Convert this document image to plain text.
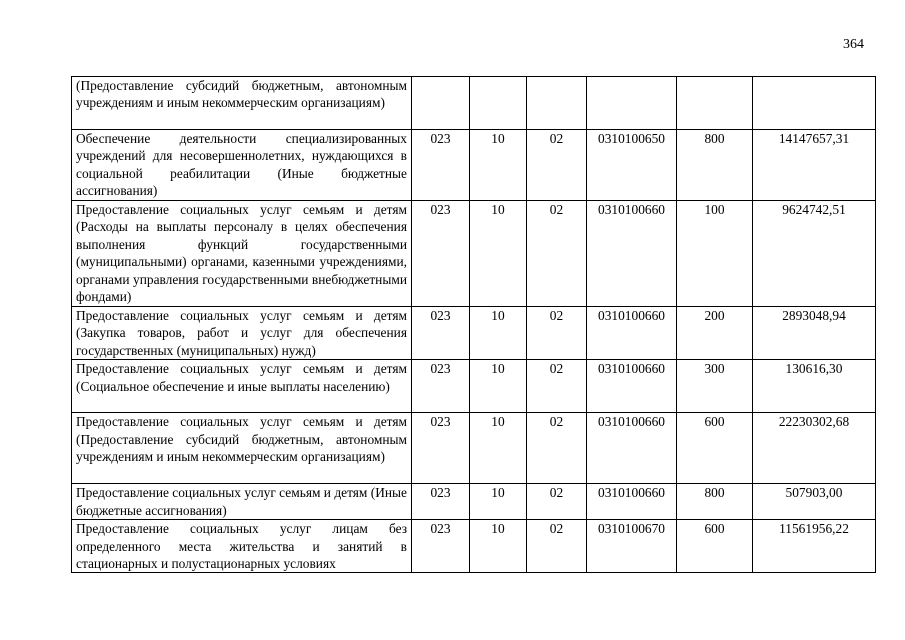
364
(Предоставление субсидий бюджетным, автономным учреждениям и иным некоммерческим организациям)						
Обеспечение деятельности специализированных учреждений для несовершеннолетних, нуждающихся в социальной реабилитации (Иные бюджетные ассигнования)	023	10	02	0310100650	800	14147657,31
Предоставление социальных услуг семьям и детям (Расходы на выплаты персоналу в целях обеспечения выполнения функций государственными (муниципальными) органами, казенными учреждениями, органами управления государственными внебюджетными фондами)	023	10	02	0310100660	100	9624742,51
Предоставление социальных услуг семьям и детям (Закупка товаров, работ и услуг для обеспечения государственных (муниципальных) нужд)	023	10	02	0310100660	200	2893048,94
Предоставление социальных услуг семьям и детям (Социальное обеспечение и иные выплаты населению)	023	10	02	0310100660	300	130616,30
Предоставление социальных услуг семьям и детям (Предоставление субсидий бюджетным, автономным учреждениям и иным некоммерческим организациям)	023	10	02	0310100660	600	22230302,68
Предоставление социальных услуг семьям и детям (Иные бюджетные ассигнования)	023	10	02	0310100660	800	507903,00
Предоставление социальных услуг лицам без определенного места жительства и занятий в стационарных и полустационарных условиях	023	10	02	0310100670	600	11561956,22
